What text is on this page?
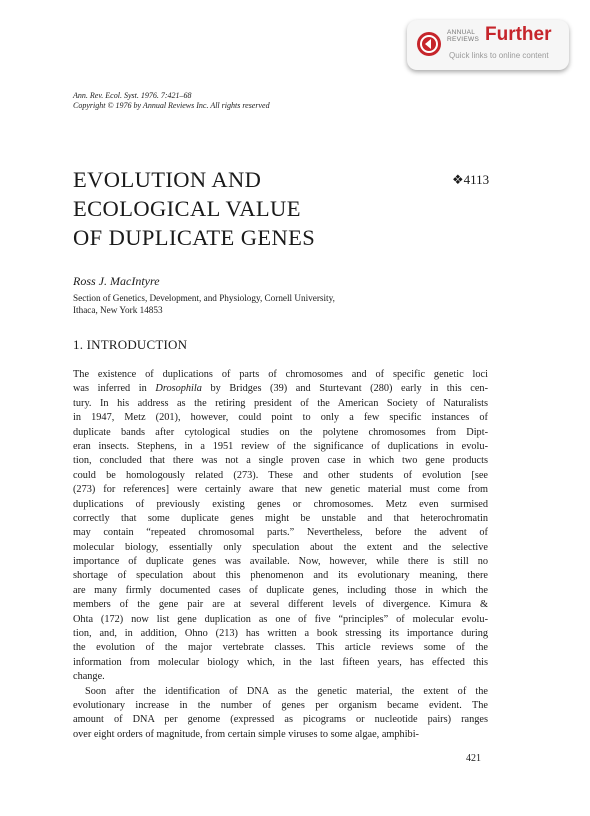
ANNUAL
REVIEWS Further
Quick links to online content
Ann. Rev. Ecol. Syst. 1976. 7:421–68
Copyright © 1976 by Annual Reviews Inc. All rights reserved
EVOLUTION AND
ECOLOGICAL VALUE
OF DUPLICATE GENES
❖4113
Ross J. MacIntyre
Section of Genetics, Development, and Physiology, Cornell University,
Ithaca, New York 14853
1. INTRODUCTION
The existence of duplications of parts of chromosomes and of specific genetic loci
was inferred in Drosophila by Bridges (39) and Sturtevant (280) early in this cen-
tury. In his address as the retiring president of the American Society of Naturalists
in 1947, Metz (201), however, could point to only a few specific instances of
duplicate bands after cytological studies on the polytene chromosomes from Dipt-
eran insects. Stephens, in a 1951 review of the significance of duplications in evolu-
tion, concluded that there was not a single proven case in which two gene products
could be homologously related (273). These and other students of evolution [see
(273) for references] were certainly aware that new genetic material must come from
duplications of previously existing genes or chromosomes. Metz even surmised
correctly that some duplicate genes might be unstable and that heterochromatin
may contain “repeated chromosomal parts.” Nevertheless, before the advent of
molecular biology, essentially only speculation about the extent and the selective
importance of duplicate genes was available. Now, however, while there is still no
shortage of speculation about this phenomenon and its evolutionary meaning, there
are many firmly documented cases of duplicate genes, including those in which the
members of the gene pair are at several different levels of divergence. Kimura &
Ohta (172) now list gene duplication as one of five “principles” of molecular evolu-
tion, and, in addition, Ohno (213) has written a book stressing its importance during
the evolution of the major vertebrate classes. This article reviews some of the
information from molecular biology which, in the last fifteen years, has effected this
change.
Soon after the identification of DNA as the genetic material, the extent of the
evolutionary increase in the number of genes per organism became evident. The
amount of DNA per genome (expressed as picograms or nucleotide pairs) ranges
over eight orders of magnitude, from certain simple viruses to some algae, amphibi-
421
